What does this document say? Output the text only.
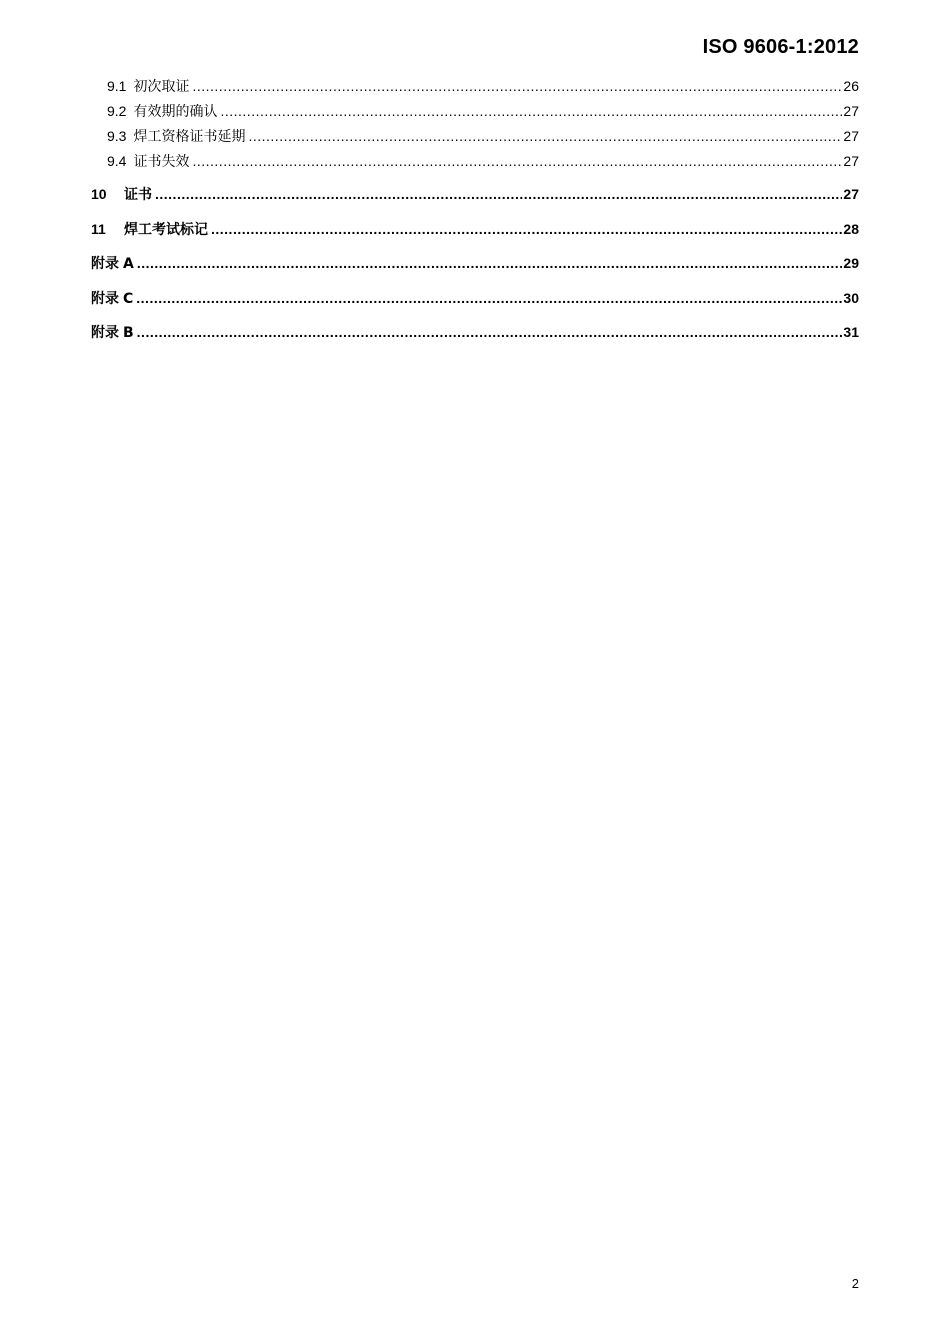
ISO 9606-1:2012
9.1 初次取证 .....	26
9.2 有效期的确认 .....	27
9.3 焊工资格证书延期 .....	27
9.4 证书失效 .....	27
10	证书 .....	27
11	焊工考试标记 .....	28
附录 A .....	29
附录 C .....	30
附录 B .....	31
2
